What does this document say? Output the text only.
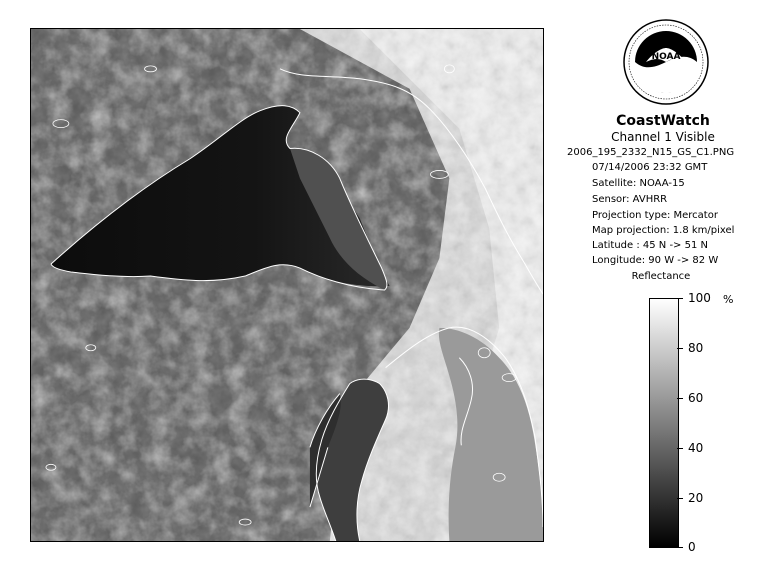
NOAA
CoastWatch
Channel 1 Visible
2006_195_2332_N15_GS_C1.PNG
07/14/2006 23:32 GMT
Satellite: NOAA-15
Sensor: AVHRR
Projection type: Mercator
Map projection: 1.8 km/pixel
Latitude : 45 N -> 51 N
Longitude: 90 W -> 82 W
Reflectance
%
100
80
60
40
20
0
